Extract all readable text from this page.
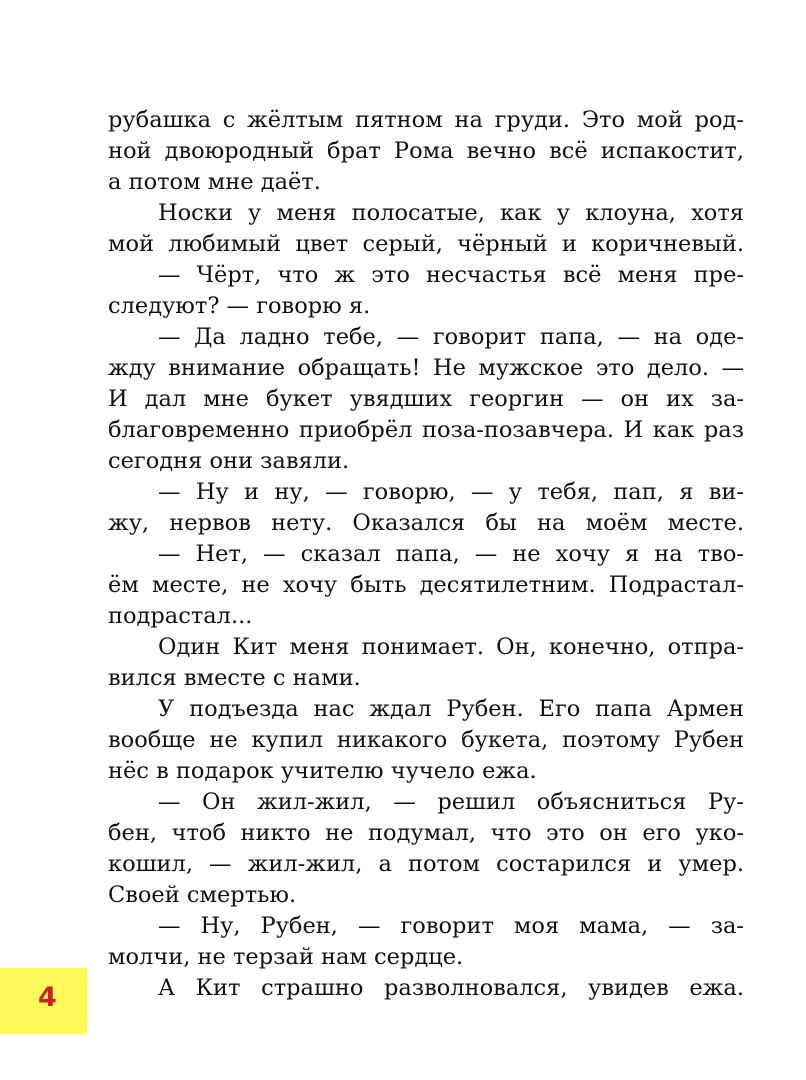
рубашка с жёлтым пятном на груди. Это мой род-
ной двоюродный брат Рома вечно всё испакостит,
а потом мне даёт.
Носки у меня полосатые, как у клоуна, хотя
мой любимый цвет серый, чёрный и коричневый.
— Чёрт, что ж это несчастья всё меня пре-
следуют? — говорю я.
— Да ладно тебе, — говорит папа, — на оде-
жду внимание обращать! Не мужское это дело. —
И дал мне букет увядших георгин — он их за-
благовременно приобрёл поза-позавчера. И как раз
сегодня они завяли.
— Ну и ну, — говорю, — у тебя, пап, я ви-
жу, нервов нету. Оказался бы на моём месте.
— Нет, — сказал папа, — не хочу я на тво-
ём месте, не хочу быть десятилетним. Подрастал-
подрастал...
Один Кит меня понимает. Он, конечно, отпра-
вился вместе с нами.
У подъезда нас ждал Рубен. Его папа Армен
вообще не купил никакого букета, поэтому Рубен
нёс в подарок учителю чучело ежа.
— Он жил-жил, — решил объясниться Ру-
бен, чтоб никто не подумал, что это он его уко-
кошил, — жил-жил, а потом состарился и умер.
Своей смертью.
— Ну, Рубен, — говорит моя мама, — за-
молчи, не терзай нам сердце.
А Кит страшно разволновался, увидев ежа.
4
